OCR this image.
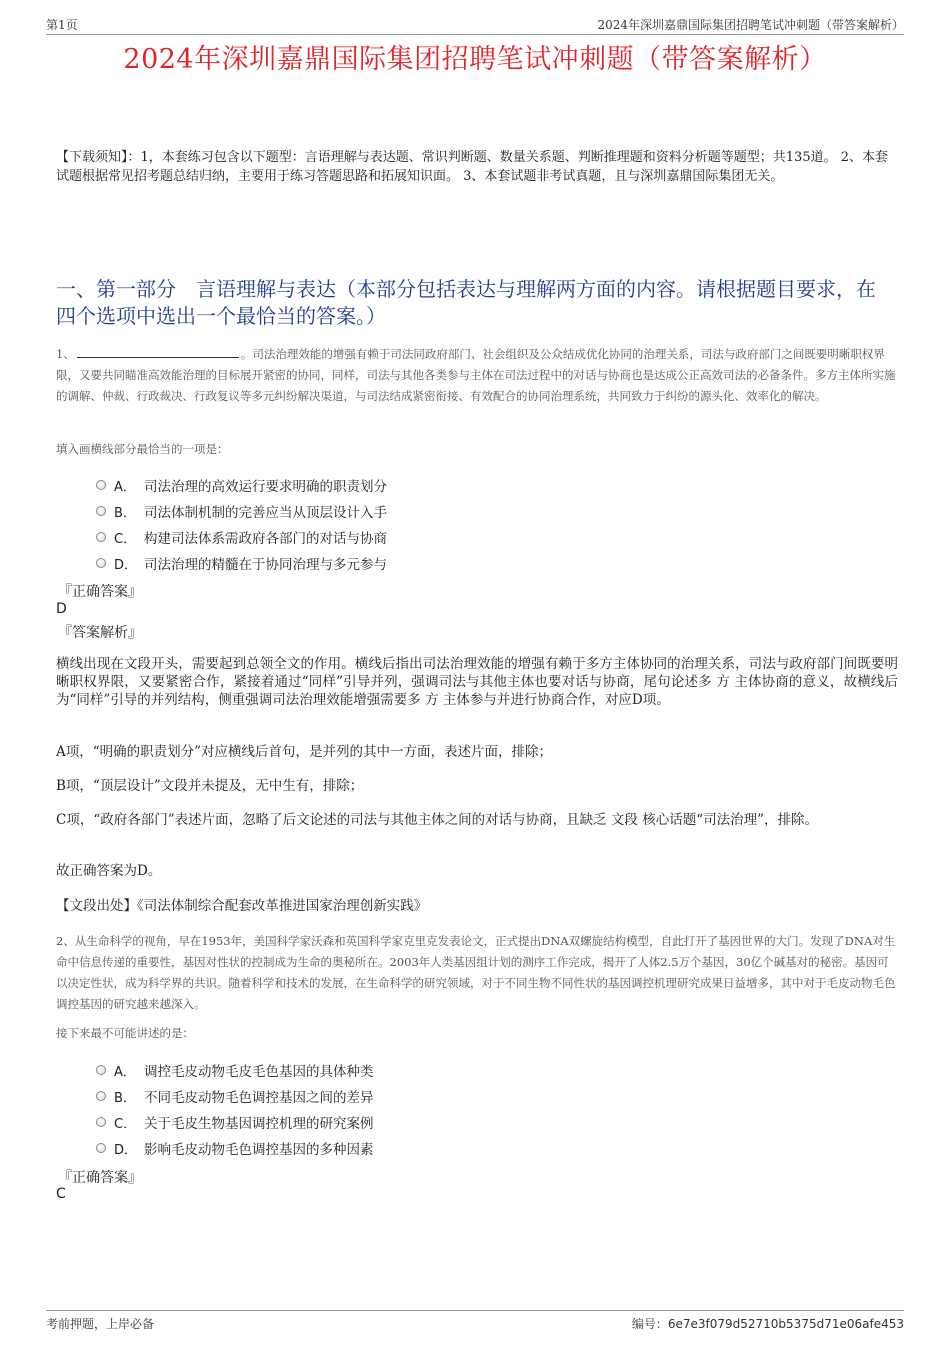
第1页	2024年深圳嘉鼎国际集团招聘笔试冲刺题（带答案解析）
2024年深圳嘉鼎国际集团招聘笔试冲刺题（带答案解析）
【下载须知】：1，本套练习包含以下题型：言语理解与表达题、常识判断题、数量关系题、判断推理题和资料分析题等题型；共135道。 2、本套试题根据常见招考题总结归纳，主要用于练习答题思路和拓展知识面。 3、本套试题非考试真题，且与深圳嘉鼎国际集团无关。
一、第一部分　言语理解与表达（本部分包括表达与理解两方面的内容。请根据题目要求，在四个选项中选出一个最恰当的答案。）
1、	。司法治理效能的增强有赖于司法同政府部门、社会组织及公众结成优化协同的治理关系，司法与政府部门之间既要明晰职权界限，又要共同瞄准高效能治理的目标展开紧密的协同，同样，司法与其他各类参与主体在司法过程中的对话与协商也是达成公正高效司法的必备条件。多方主体所实施的调解、仲裁、行政裁决、行政复议等多元纠纷解决渠道，与司法结成紧密衔接、有效配合的协同治理系统，共同致力于纠纷的源头化、效率化的解决。
填入画横线部分最恰当的一项是：
A． 司法治理的高效运行要求明确的职责划分
B． 司法体制机制的完善应当从顶层设计入手
C． 构建司法体系需政府各部门的对话与协商
D． 司法治理的精髓在于协同治理与多元参与
『正确答案』
D
『答案解析』
横线出现在文段开头，需要起到总领全文的作用。横线后指出司法治理效能的增强有赖于多方主体协同的治理关系，司法与政府部门间既要明晰职权界限，又要紧密合作，紧接着通过“同样”引导并列，强调司法与其他主体也要对话与协商，尾句论述多 方 主体协商的意义，故横线后为“同样”引导的并列结构，侧重强调司法治理效能增强需要多 方 主体参与并进行协商合作，对应D项。
A项，“明确的职责划分”对应横线后首句，是并列的其中一方面，表述片面，排除；
B项，“顶层设计”文段并未提及，无中生有，排除；
C项，“政府各部门”表述片面，忽略了后文论述的司法与其他主体之间的对话与协商，且缺乏 文段 核心话题“司法治理”，排除。
故正确答案为D。
【文段出处】《司法体制综合配套改革推进国家治理创新实践》
2、从生命科学的视角，早在1953年，美国科学家沃森和英国科学家克里克发表论文，正式提出DNA双螺旋结构模型，自此打开了基因世界的大门。发现了DNA对生命中信息传递的重要性，基因对性状的控制成为生命的奥秘所在。2003年人类基因组计划的测序工作完成，揭开了人体2.5万个基因，30亿个碱基对的秘密。基因可以决定性状，成为科学界的共识。随着科学和技术的发展，在生命科学的研究领域，对于不同生物不同性状的基因调控机理研究成果日益增多，其中对于毛皮动物毛色调控基因的研究越来越深入。
接下来最不可能讲述的是：
A． 调控毛皮动物毛皮毛色基因的具体种类
B． 不同毛皮动物毛色调控基因之间的差异
C． 关于毛皮生物基因调控机理的研究案例
D． 影响毛皮动物毛色调控基因的多种因素
『正确答案』
C
考前押题，上岸必备	编号：6e7e3f079d52710b5375d71e06afe453
